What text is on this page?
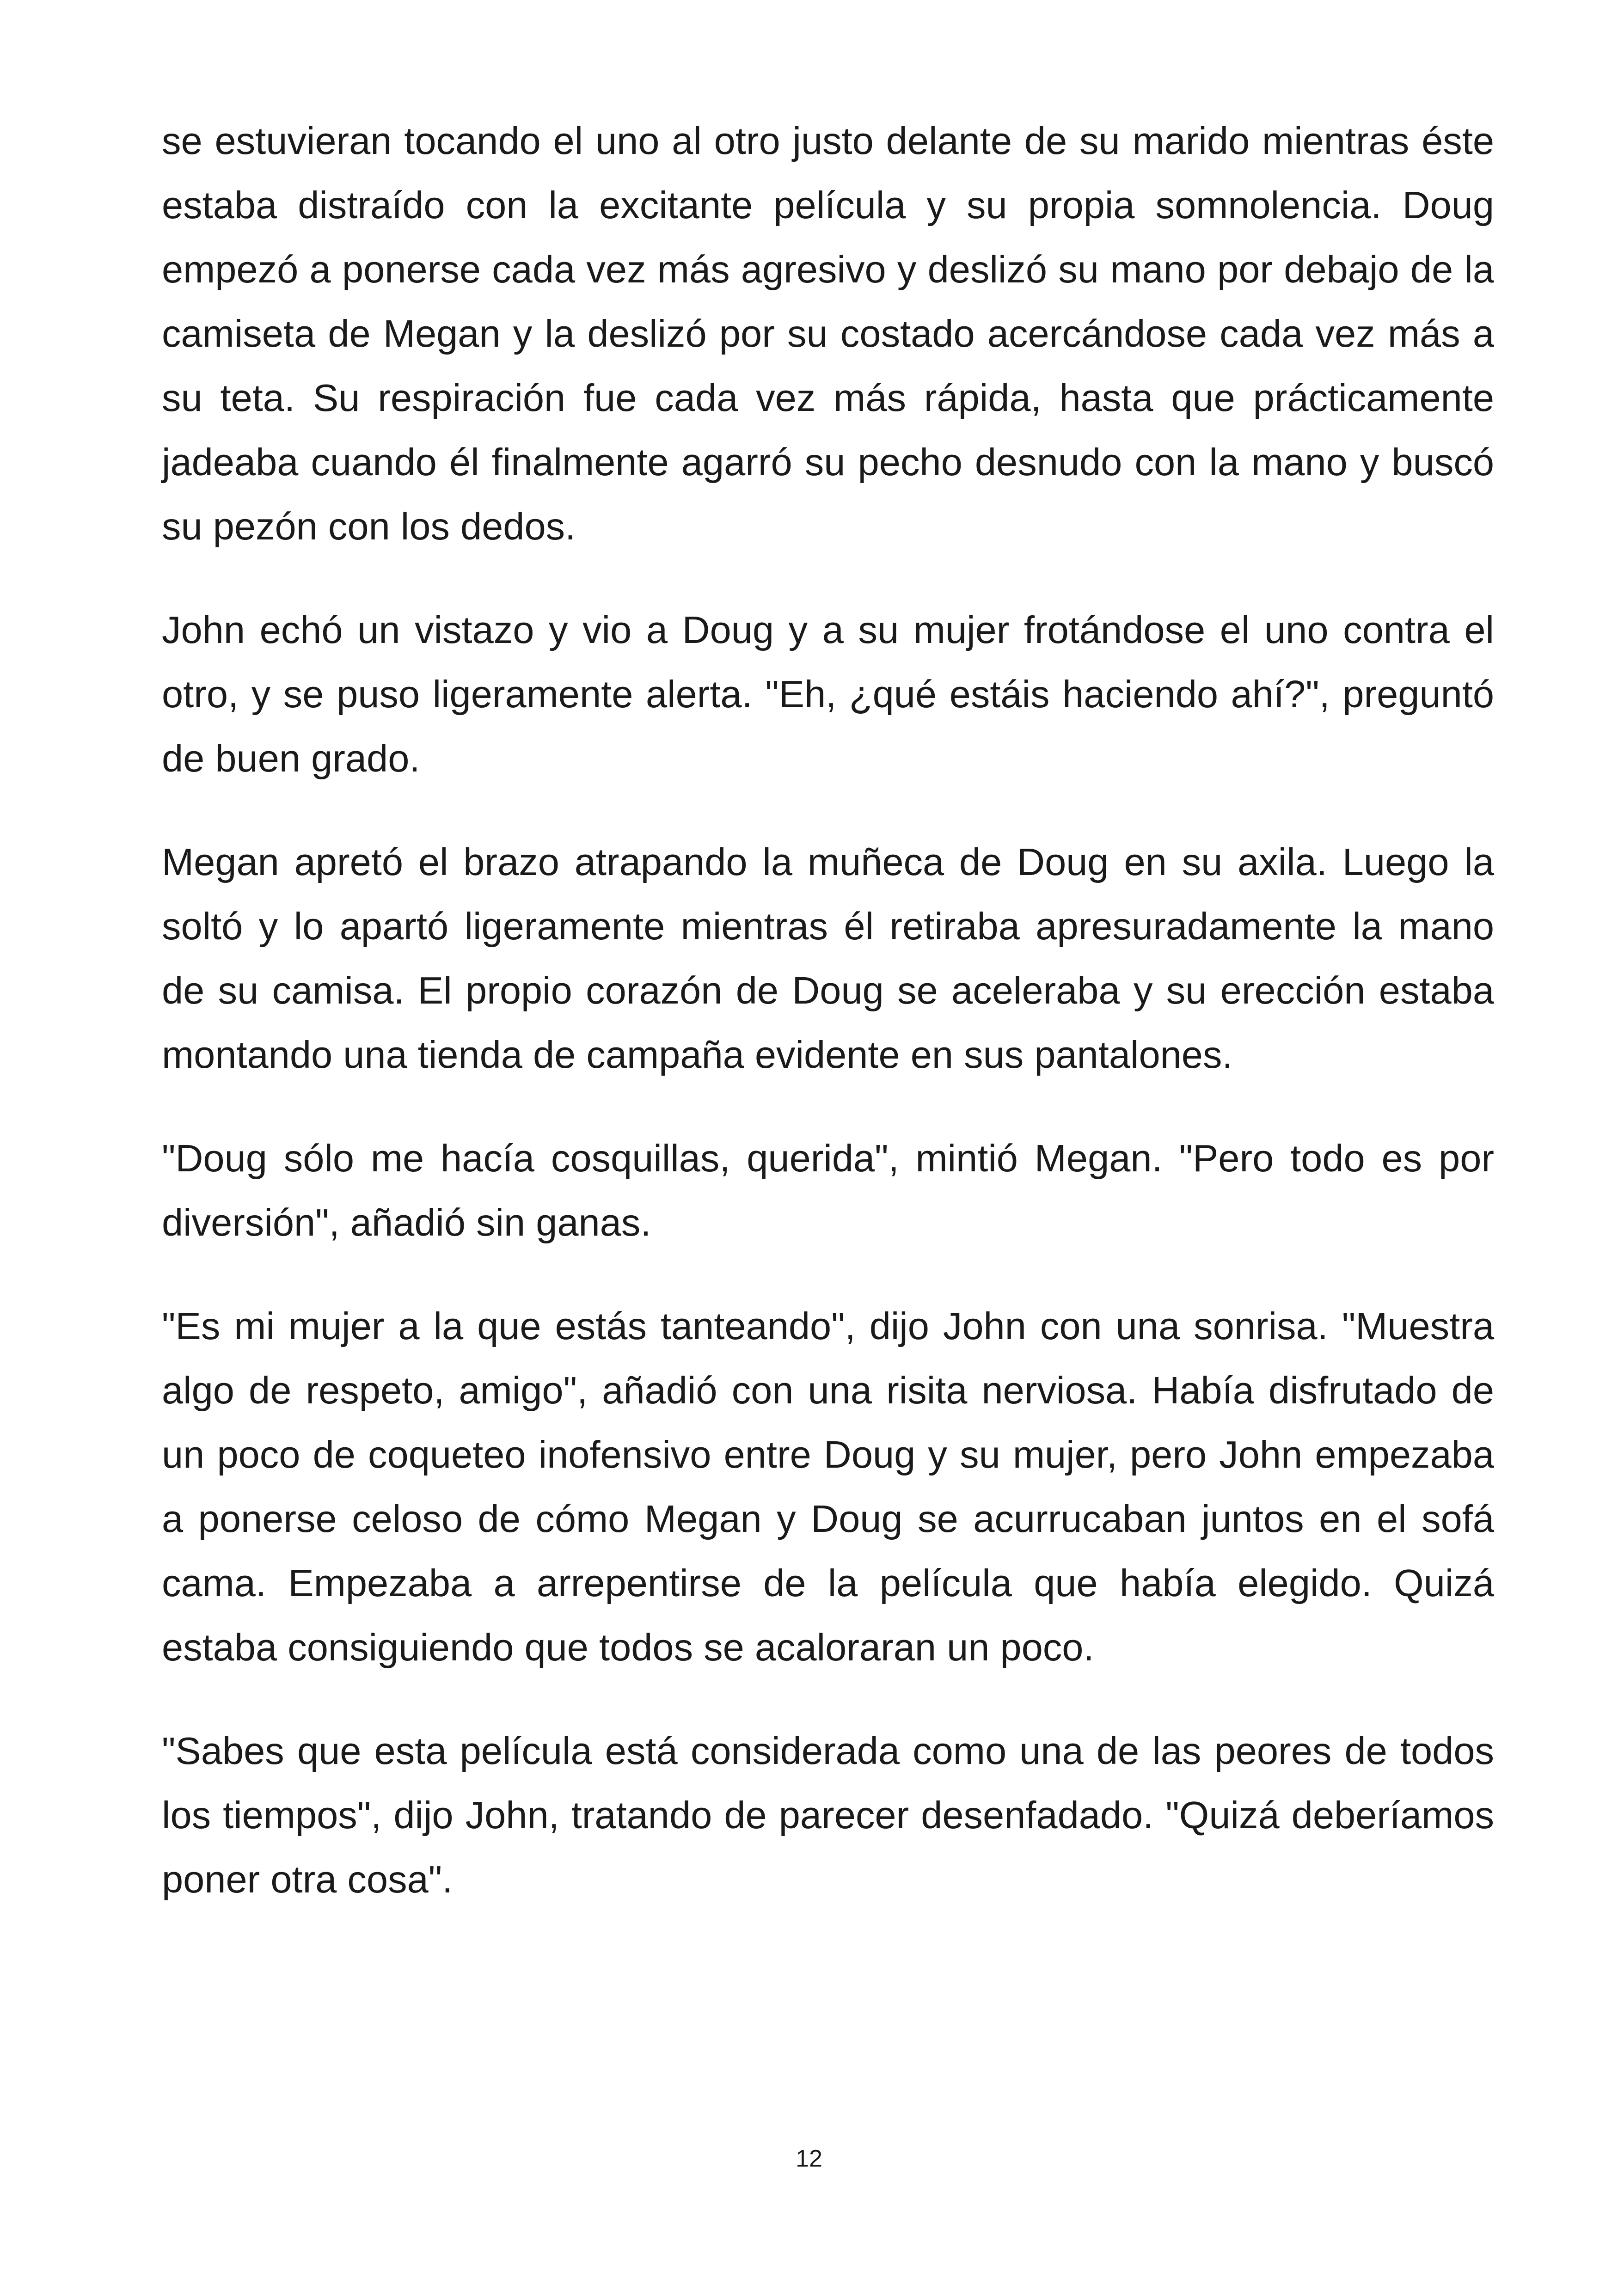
se estuvieran tocando el uno al otro justo delante de su marido mientras éste estaba distraído con la excitante película y su propia somnolencia. Doug empezó a ponerse cada vez más agresivo y deslizó su mano por debajo de la camiseta de Megan y la deslizó por su costado acercándose cada vez más a su teta. Su respiración fue cada vez más rápida, hasta que prácticamente jadeaba cuando él finalmente agarró su pecho desnudo con la mano y buscó su pezón con los dedos.

John echó un vistazo y vio a Doug y a su mujer frotándose el uno contra el otro, y se puso ligeramente alerta. "Eh, ¿qué estáis haciendo ahí?", preguntó de buen grado.

Megan apretó el brazo atrapando la muñeca de Doug en su axila. Luego la soltó y lo apartó ligeramente mientras él retiraba apresuradamente la mano de su camisa. El propio corazón de Doug se aceleraba y su erección estaba montando una tienda de campaña evidente en sus pantalones.

"Doug sólo me hacía cosquillas, querida", mintió Megan. "Pero todo es por diversión", añadió sin ganas.

"Es mi mujer a la que estás tanteando", dijo John con una sonrisa. "Muestra algo de respeto, amigo", añadió con una risita nerviosa. Había disfrutado de un poco de coqueteo inofensivo entre Doug y su mujer, pero John empezaba a ponerse celoso de cómo Megan y Doug se acurrucaban juntos en el sofá cama. Empezaba a arrepentirse de la película que había elegido. Quizá estaba consiguiendo que todos se acaloraran un poco.

"Sabes que esta película está considerada como una de las peores de todos los tiempos", dijo John, tratando de parecer desenfadado. "Quizá deberíamos poner otra cosa".

12
